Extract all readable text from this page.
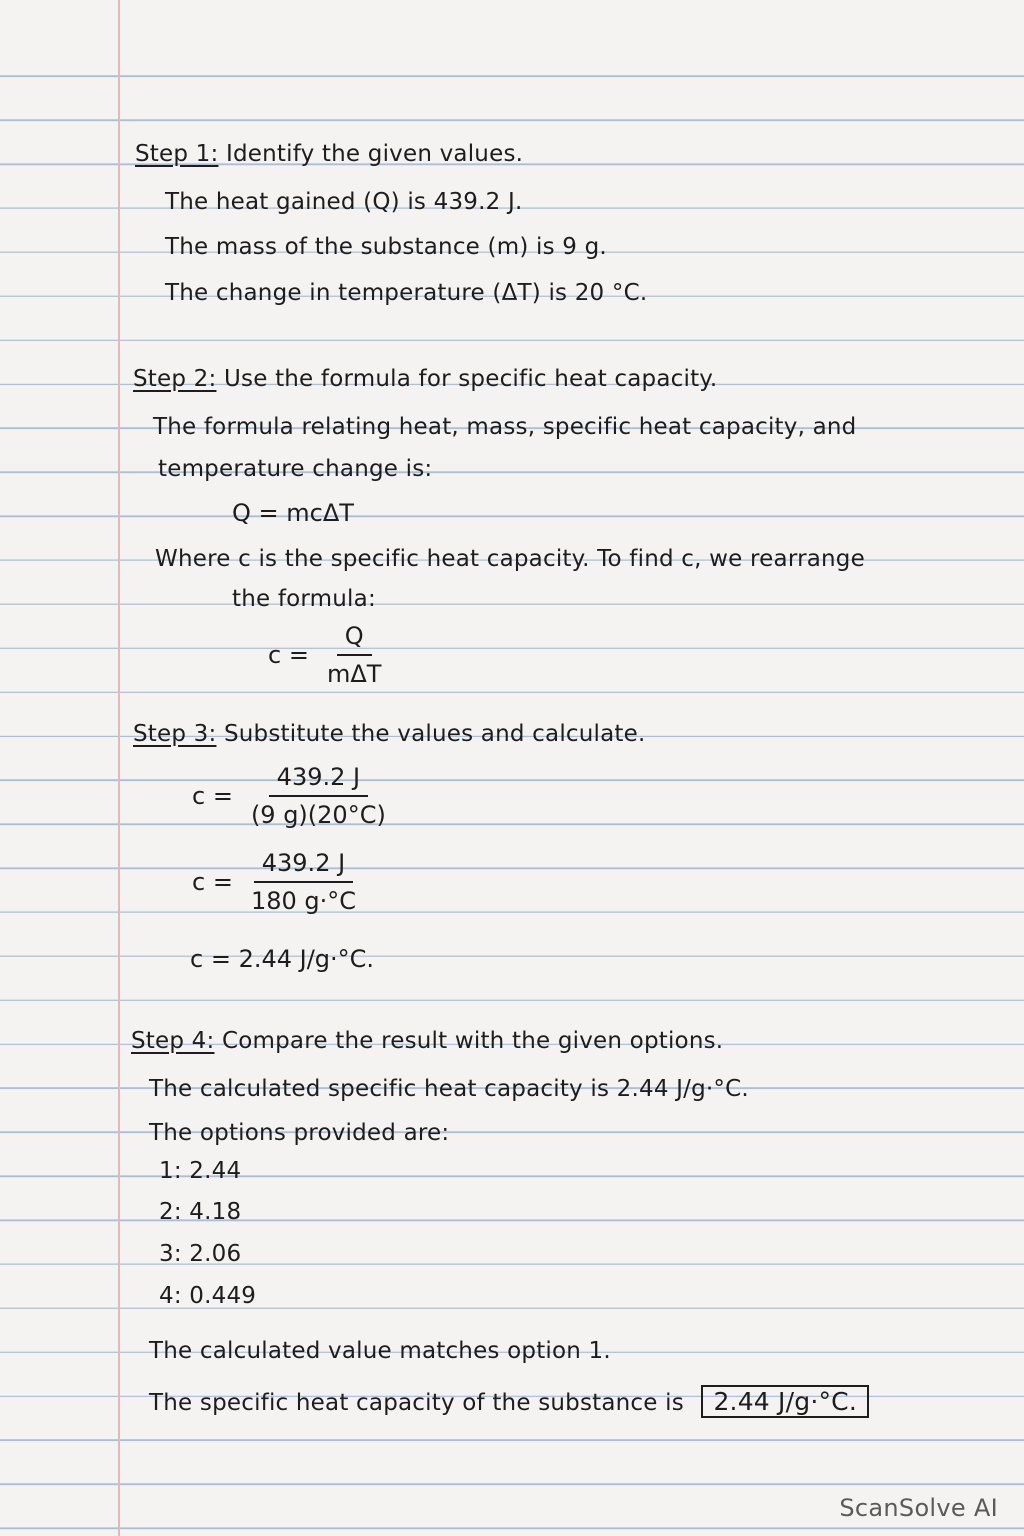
Step 1: Identify the given values.
The heat gained (Q) is 439.2 J.
The mass of the substance (m) is 9 g.
The change in temperature (ΔT) is 20 °C.
Step 2: Use the formula for specific heat capacity.
The formula relating heat, mass, specific heat capacity, and
temperature change is:
Q = mcΔT
Where c is the specific heat capacity. To find c, we rearrange
the formula:
$c = \frac{Q}{\text{mΔT}}$
Step 3: Substitute the values and calculate.
$c = \frac{439.2 J}{(9 g)(20^\circ C)}$
$c = \frac{439.2 J}{180 g\cdot^\circ C}$
c = 2.44 J/g·°C.
Step 4: Compare the result with the given options.
The calculated specific heat capacity is 2.44 J/g·°C.
The options provided are:
1: 2.44
2: 4.18
3: 2.06
4: 0.449
The calculated value matches option 1.
The specific heat capacity of the substance is 2.44 J/g·°C.
ScanSolve AI
